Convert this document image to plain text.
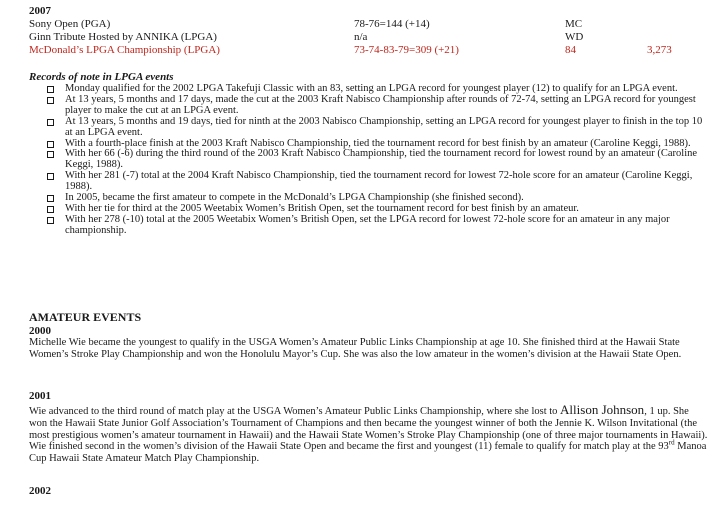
2007
Sony Open (PGA)	78-76=144 (+14)	MC
Ginn Tribute Hosted by ANNIKA (LPGA)	n/a	WD
McDonald’s LPGA Championship (LPGA)	73-74-83-79=309 (+21)	84	3,273
Records of note in LPGA events
Monday qualified for the 2002 LPGA Takefuji Classic with an 83, setting an LPGA record for youngest player (12) to qualify for an LPGA event.
At 13 years, 5 months and 17 days, made the cut at the 2003 Kraft Nabisco Championship after rounds of 72-74, setting an LPGA record for youngest player to make the cut at an LPGA event.
At 13 years, 5 months and 19 days, tied for ninth at the 2003 Nabisco Championship, setting an LPGA record for youngest player to finish in the top 10 at an LPGA event.
With a fourth-place finish at the 2003 Kraft Nabisco Championship, tied the tournament record for best finish by an amateur (Caroline Keggi, 1988).
With her 66 (-6) during the third round of the 2003 Kraft Nabisco Championship, tied the tournament record for lowest round by an amateur (Caroline Keggi, 1988).
With her 281 (-7) total at the 2004 Kraft Nabisco Championship, tied the tournament record for lowest 72-hole score for an amateur (Caroline Keggi, 1988).
In 2005, became the first amateur to compete in the McDonald’s LPGA Championship (she finished second).
With her tie for third at the 2005 Weetabix Women’s British Open, set the tournament record for best finish by an amateur.
With her 278 (-10) total at the 2005 Weetabix Women’s British Open, set the LPGA record for lowest 72-hole score for an amateur in any major championship.
AMATEUR EVENTS
2000
Michelle Wie became the youngest to qualify in the USGA Women’s Amateur Public Links Championship at age 10. She finished third at the Hawaii State Women’s Stroke Play Championship and won the Honolulu Mayor’s Cup. She was also the low amateur in the women’s division at the Hawaii State Open.
2001
Wie advanced to the third round of match play at the USGA Women’s Amateur Public Links Championship, where she lost to Allison Johnson, 1 up. She won the Hawaii State Junior Golf Association’s Tournament of Champions and then became the youngest winner of both the Jennie K. Wilson Invitational (the most prestigious women’s amateur tournament in Hawaii) and the Hawaii State Women’s Stroke Play Championship (one of three major tournaments in Hawaii). Wie finished second in the women’s division of the Hawaii State Open and became the first and youngest (11) female to qualify for match play at the 93rd Manoa Cup Hawaii State Amateur Match Play Championship.
2002
